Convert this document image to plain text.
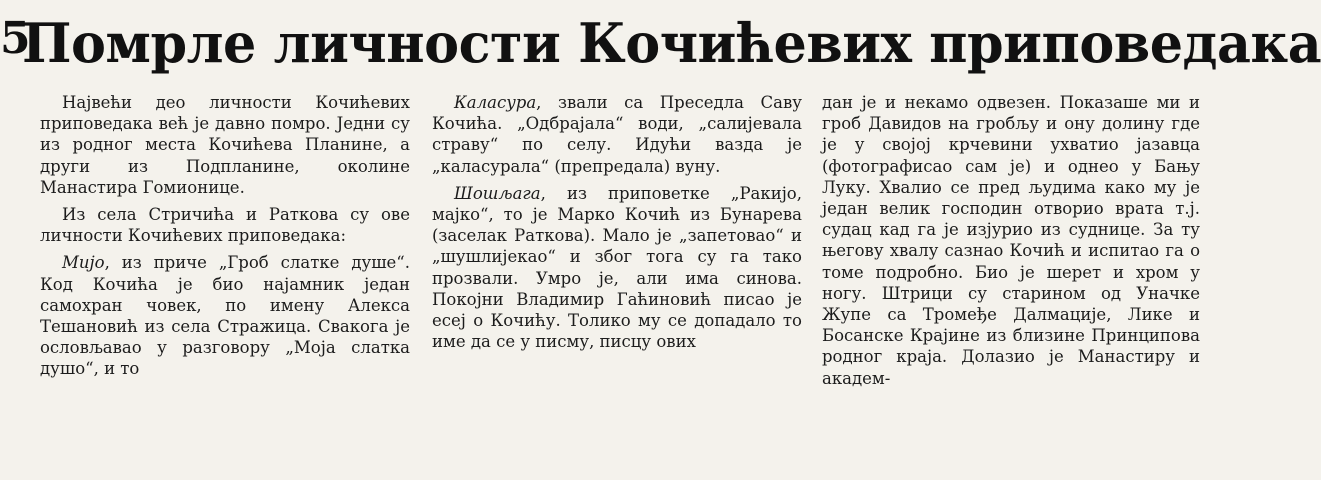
5
Помрле личности Кочићевих приповедака

Највећи део личности Кочићевих приповедака већ је давно помро. Једни су из родног места Кочићева Планине, а други из Подпланине, околине Манастира Гомионице.

Из села Стричића и Раткова су ове личности Кочићевих приповедака:

Мијо, из приче „Гроб слатке душе“. Код Кочића је био најамник један самохран човек, по имену Алекса Тешановић из села Стражица. Свакога је ословљавао у разговору „Моја слатка душо“, и то

Каласура, звали са Преседла Саву Кочића. „Одбрајала“ води, „салијевала страву“ по селу. Идући вазда је „каласурала“ (препредала) вуну.

Шошљага, из приповетке „Ракијо, мајко“, то је Марко Кочић из Бунарева (заселак Раткова). Мало је „запетовао“ и „шушлијекао“ и због тога су га тако прозвали. Умро је, али има синова. Покојни Владимир Гаћиновић писао је есеј о Кочићу. Толико му се допадало то име да се у писму, писцу ових

дан је и некамо одвезен. Показаше ми и гроб Давидов на гробљу и ону долину где је у својој крчевини ухватио јазавца (фотографисао сам је) и однео у Бању Луку. Хвалио се пред људима како му је један велик господин отворио врата т.ј. судац кад га је изјурио из суднице. За ту његову хвалу сазнао Кочић и испитао га о томе подробно. Био је шерет и хром у ногу. Штрици су старином од Уначке Жупе са Тромеђе Далмације, Лике и Босанске Крајине из близине Принципова родног краја. Долазио је Манастиру и академ-
